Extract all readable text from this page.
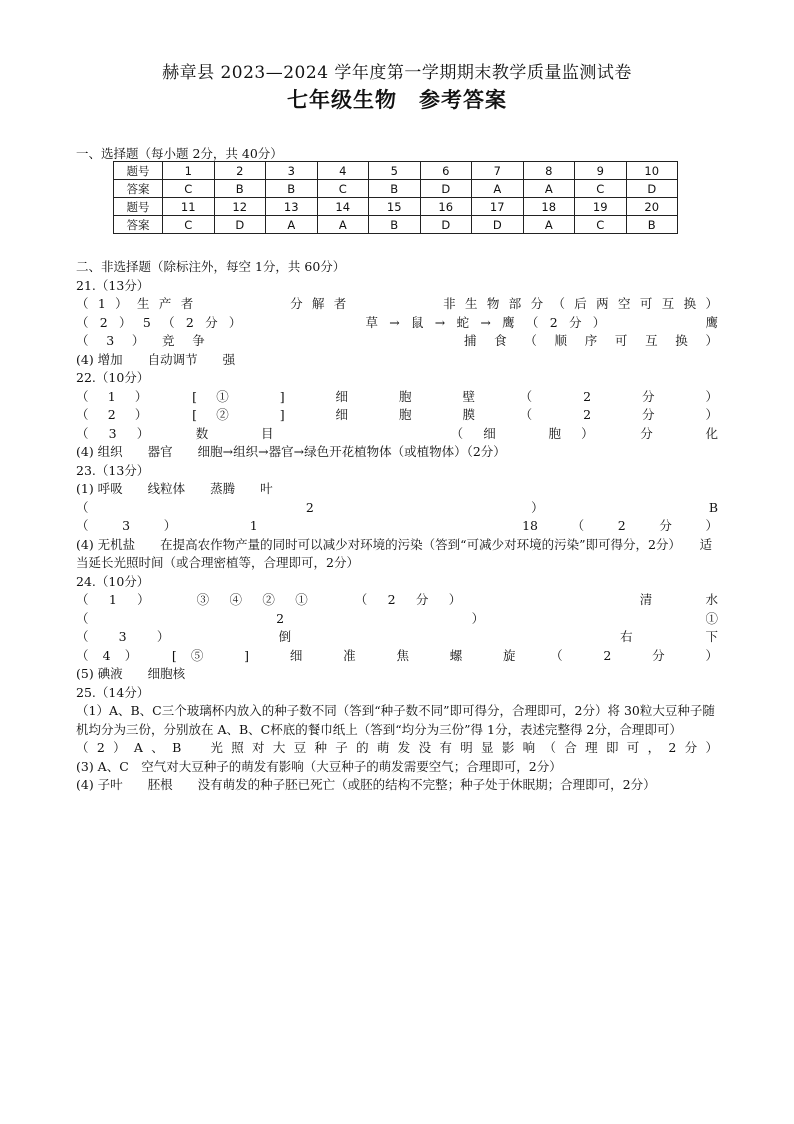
赫章县 2023—2024 学年度第一学期期末教学质量监测试卷
七年级生物　参考答案
一、选择题（每小题 2分，共 40分）
题号	1	2	3	4	5	6	7	8	9	10
答案	C	B	B	C	B	D	A	A	C	D
题号	11	12	13	14	15	16	17	18	19	20
答案	C	D	A	A	B	D	D	A	C	B
二、非选择题（除标注外，每空 1分，共 60分）
21.（13分）
（1）生产者　　　　分解者　　　　非生物部分（后两空可互换）
（2）5（2分）　　　　　草→鼠→蛇→鹰（2分）　　　　鹰
（3）竞争　　　　　　　　捕食（顺序可互换）
(4) 增加　　自动调节　　强
22.（10分）
（1）　[①　]　细　胞　壁　（　2　分　）
（2）　[②　]　细　胞　膜　（　2　分　）
（3）　数　目　　　　　（细　胞）　分　化
(4) 组织　　器官　　细胞→组织→器官→绿色开花植物体（或植物体）（2分）
23.（13分）
(1) 呼吸　　线粒体　　蒸腾　　叶
（　　　　2　　　　）　　　B
（3）　1　　　　　18（2分）
(4) 无机盐　　在提高农作物产量的同时可以减少对环境的污染（答到“可减少对环境的污染”即可得分，2分）　　适当延长光照时间（或合理密植等，合理即可，2分）
24.（10分）
（1）　③④②①　（2分）　　　　　清　水
（　　　　2　　　　）　　　　　①
（3）　　倒　　　　　　　右　下
（4）　[⑤　]　细　准　焦　螺　旋　（　2　分　）
(5) 碘液　　细胞核
25.（14分）
（1）A、B、C三个玻璃杯内放入的种子数不同（答到“种子数不同”即可得分，合理即可，2分）将 30粒大豆种子随机均分为三份，分别放在 A、B、C杯底的餐巾纸上（答到“均分为三份”得 1分，表述完整得 2分，合理即可）
（2）A、B　光照对大豆种子的萌发没有明显影响（合理即可，2分）
(3) A、C　空气对大豆种子的萌发有影响（大豆种子的萌发需要空气；合理即可，2分）
(4) 子叶　　胚根　　没有萌发的种子胚已死亡（或胚的结构不完整；种子处于休眠期；合理即可，2分）
